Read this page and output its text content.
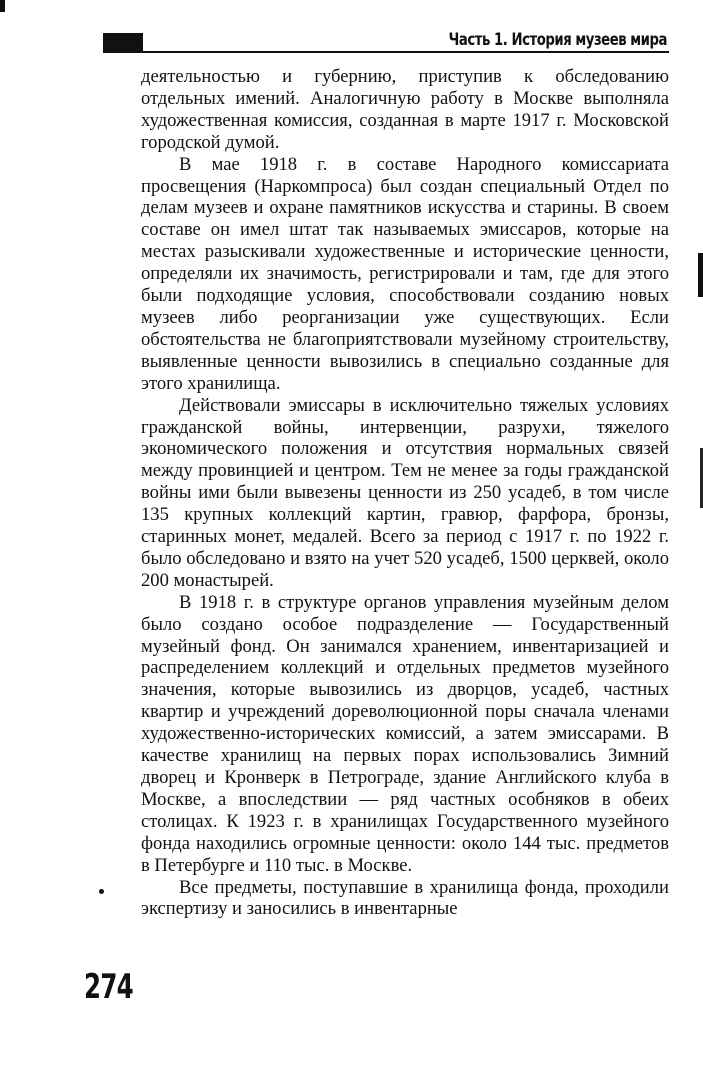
Часть 1. История музеев мира

деятельностью и губернию, приступив к обследованию отдельных имений. Аналогичную работу в Москве выполняла художественная комиссия, созданная в марте 1917 г. Московской городской думой.

В мае 1918 г. в составе Народного комиссариата просвещения (Наркомпроса) был создан специальный Отдел по делам музеев и охране памятников искусства и старины. В своем составе он имел штат так называемых эмиссаров, которые на местах разыскивали художественные и исторические ценности, определяли их значимость, регистрировали и там, где для этого были подходящие условия, способствовали созданию новых музеев либо реорганизации уже существующих. Если обстоятельства не благоприятствовали музейному строительству, выявленные ценности вывозились в специально созданные для этого хранилища.

Действовали эмиссары в исключительно тяжелых условиях гражданской войны, интервенции, разрухи, тяжелого экономического положения и отсутствия нормальных связей между провинцией и центром. Тем не менее за годы гражданской войны ими были вывезены ценности из 250 усадеб, в том числе 135 крупных коллекций картин, гравюр, фарфора, бронзы, старинных монет, медалей. Всего за период с 1917 г. по 1922 г. было обследовано и взято на учет 520 усадеб, 1500 церквей, около 200 монастырей.

В 1918 г. в структуре органов управления музейным делом было создано особое подразделение — Государственный музейный фонд. Он занимался хранением, инвентаризацией и распределением коллекций и отдельных предметов музейного значения, которые вывозились из дворцов, усадеб, частных квартир и учреждений дореволюционной поры сначала членами художественно-исторических комиссий, а затем эмиссарами. В качестве хранилищ на первых порах использовались Зимний дворец и Кронверк в Петрограде, здание Английского клуба в Москве, а впоследствии — ряд частных особняков в обеих столицах. К 1923 г. в хранилищах Государственного музейного фонда находились огромные ценности: около 144 тыс. предметов в Петербурге и 110 тыс. в Москве.

Все предметы, поступавшие в хранилища фонда, проходили экспертизу и заносились в инвентарные

274
